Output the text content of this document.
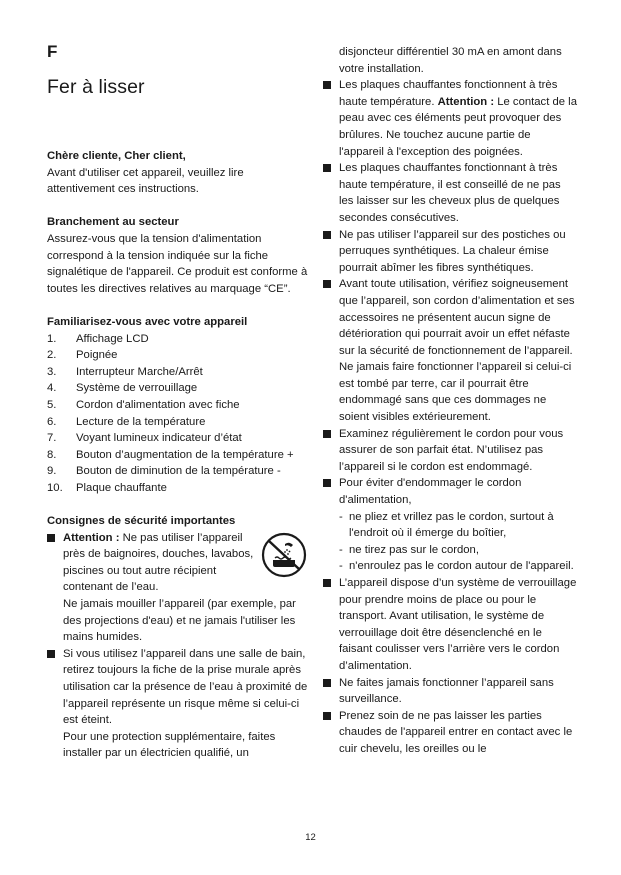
F
Fer à lisser

Chère cliente, Cher client,

Avant d'utiliser cet appareil, veuillez lire attentivement ces instructions.

Branchement au secteur

Assurez-vous que la tension d'alimentation correspond à la tension indiquée sur la fiche signalétique de l'appareil. Ce produit est conforme à toutes les directives relatives au marquage “CE”.

Familiarisez-vous avec votre appareil

1.	Affichage LCD
2.	Poignée
3.	Interrupteur Marche/Arrêt
4.	Système de verrouillage
5.	Cordon d'alimentation avec fiche
6.	Lecture de la température
7.	Voyant lumineux indicateur d’état
8.	Bouton d’augmentation de la température +
9.	Bouton de diminution de la température -
10.	Plaque chauffante

Consignes de sécurité importantes

Attention : Ne pas utiliser l’appareil près de baignoires, douches, lavabos, piscines ou tout autre récipient contenant de l’eau.

Ne jamais mouiller l’appareil (par exemple, par des projections d'eau) et ne jamais l'utiliser les mains humides.

Si vous utilisez l’appareil dans une salle de bain, retirez toujours la fiche de la prise murale après utilisation car la présence de l’eau à proximité de l’appareil représente un risque même si celui-ci est éteint.

Pour une protection supplémentaire, faites installer par un électricien qualifié, un

disjoncteur différentiel 30 mA en amont dans votre installation.

Les plaques chauffantes fonctionnent à très haute température. Attention : Le contact de la peau avec ces éléments peut provoquer des brûlures. Ne touchez aucune partie de l'appareil à l'exception des poignées.
Les plaques chauffantes fonctionnant à très haute température, il est conseillé de ne pas les laisser sur les cheveux plus de quelques secondes consécutives.
Ne pas utiliser l’appareil sur des postiches ou perruques synthétiques. La chaleur émise pourrait abîmer les fibres synthétiques.
Avant toute utilisation, vérifiez soigneusement que l’appareil, son cordon d’alimentation et ses accessoires ne présentent aucun signe de détérioration qui pourrait avoir un effet néfaste sur la sécurité de fonctionnement de l’appareil. Ne jamais faire fonctionner l’appareil si celui-ci est tombé par terre, car il pourrait être endommagé sans que ces dommages ne soient visibles extérieurement.
Examinez régulièrement le cordon pour vous assurer de son parfait état. N’utilisez pas l’appareil si le cordon est endommagé.
Pour éviter d'endommager le cordon d'alimentation,
- ne pliez et vrillez pas le cordon, surtout à l'endroit où il émerge du boîtier,
- ne tirez pas sur le cordon,
- n'enroulez pas le cordon autour de l'appareil.
L’appareil dispose d’un système de verrouillage pour prendre moins de place ou pour le transport. Avant utilisation, le système de verrouillage doit être désenclenché en le faisant coulisser vers l’arrière vers le cordon d’alimentation.
Ne faites jamais fonctionner l’appareil sans surveillance.
Prenez soin de ne pas laisser les parties chaudes de l'appareil entrer en contact avec le cuir chevelu, les oreilles ou le
12
